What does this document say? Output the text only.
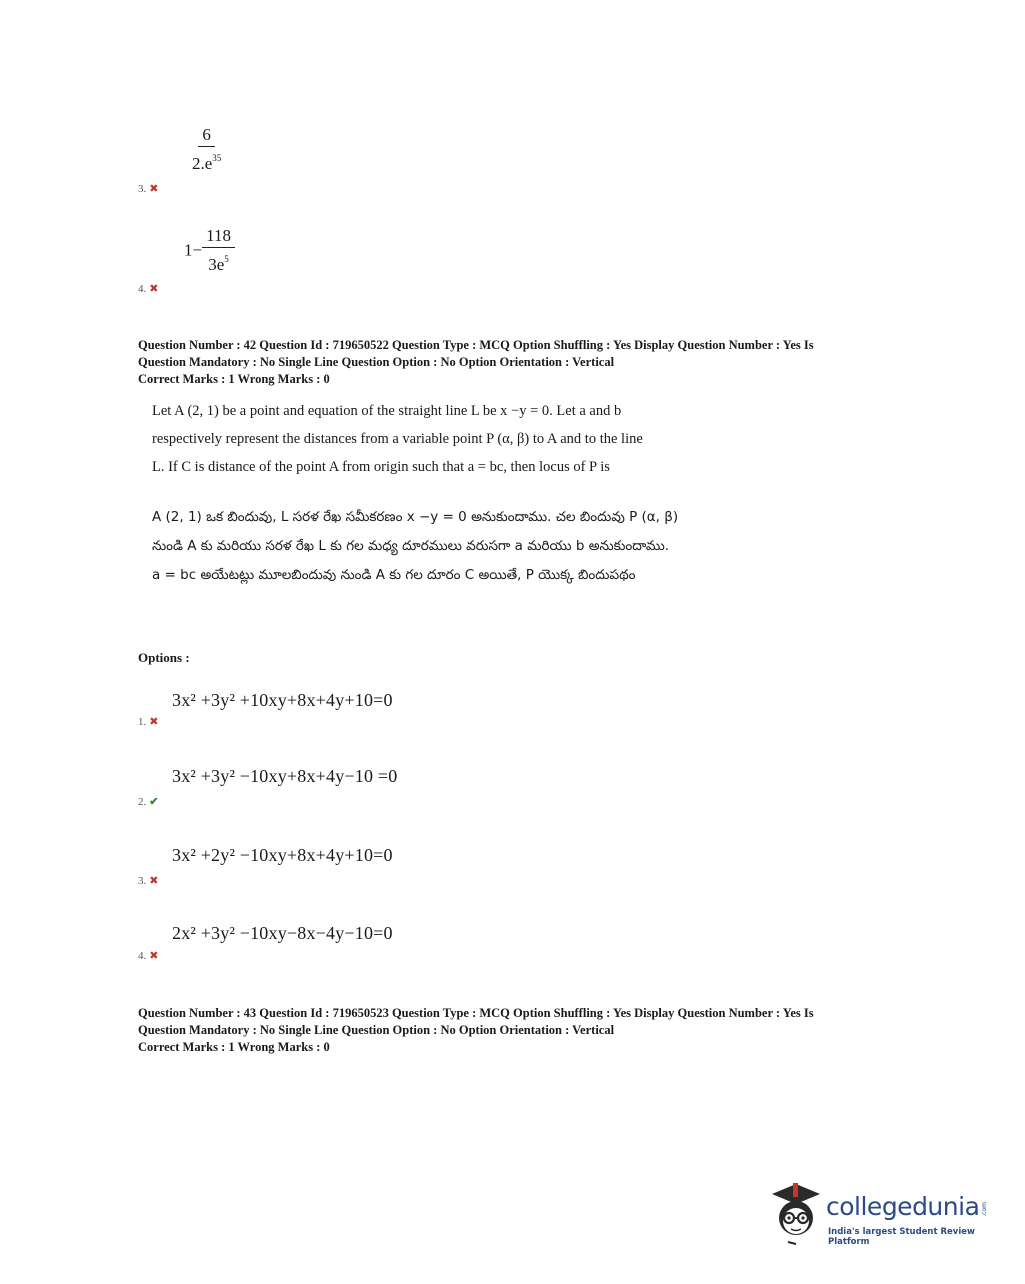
$\frac{6}{2.e^{35}}$
3. ✖
$1- \frac{118}{3e^5}$
4. ✖
Question Number : 42 Question Id : 719650522 Question Type : MCQ Option Shuffling : Yes Display Question Number : Yes Is
Question Mandatory : No Single Line Question Option : No Option Orientation : Vertical
Correct Marks : 1 Wrong Marks : 0
Let A (2, 1) be a point and equation of the straight line L be x −y = 0. Let a and b
respectively represent the distances from a variable point P (α, β) to A and to the line
L. If C is distance of the point A from origin such that a = bc, then locus of P is
A (2, 1) ఒక బిందువు, L సరళ రేఖ సమీకరణం x −y = 0 అనుకుందాము. చల బిందువు P (α, β)
నుండి A కు మరియు సరళ రేఖ L కు గల మధ్య దూరములు వరుసగా a మరియు b అనుకుందాము.
a = bc అయేటట్లు మూలబిందువు నుండి A కు గల దూరం C అయితే, P యొక్క బిందుపథం
Options :
3x² +3y² +10xy+8x+4y+10=0
1. ✖
3x² +3y² −10xy+8x+4y−10 =0
2. ✔
3x² +2y² −10xy+8x+4y+10=0
3. ✖
2x² +3y² −10xy−8x−4y−10=0
4. ✖
Question Number : 43 Question Id : 719650523 Question Type : MCQ Option Shuffling : Yes Display Question Number : Yes Is
Question Mandatory : No Single Line Question Option : No Option Orientation : Vertical
Correct Marks : 1 Wrong Marks : 0
collegedunia .com
India's largest Student Review Platform
